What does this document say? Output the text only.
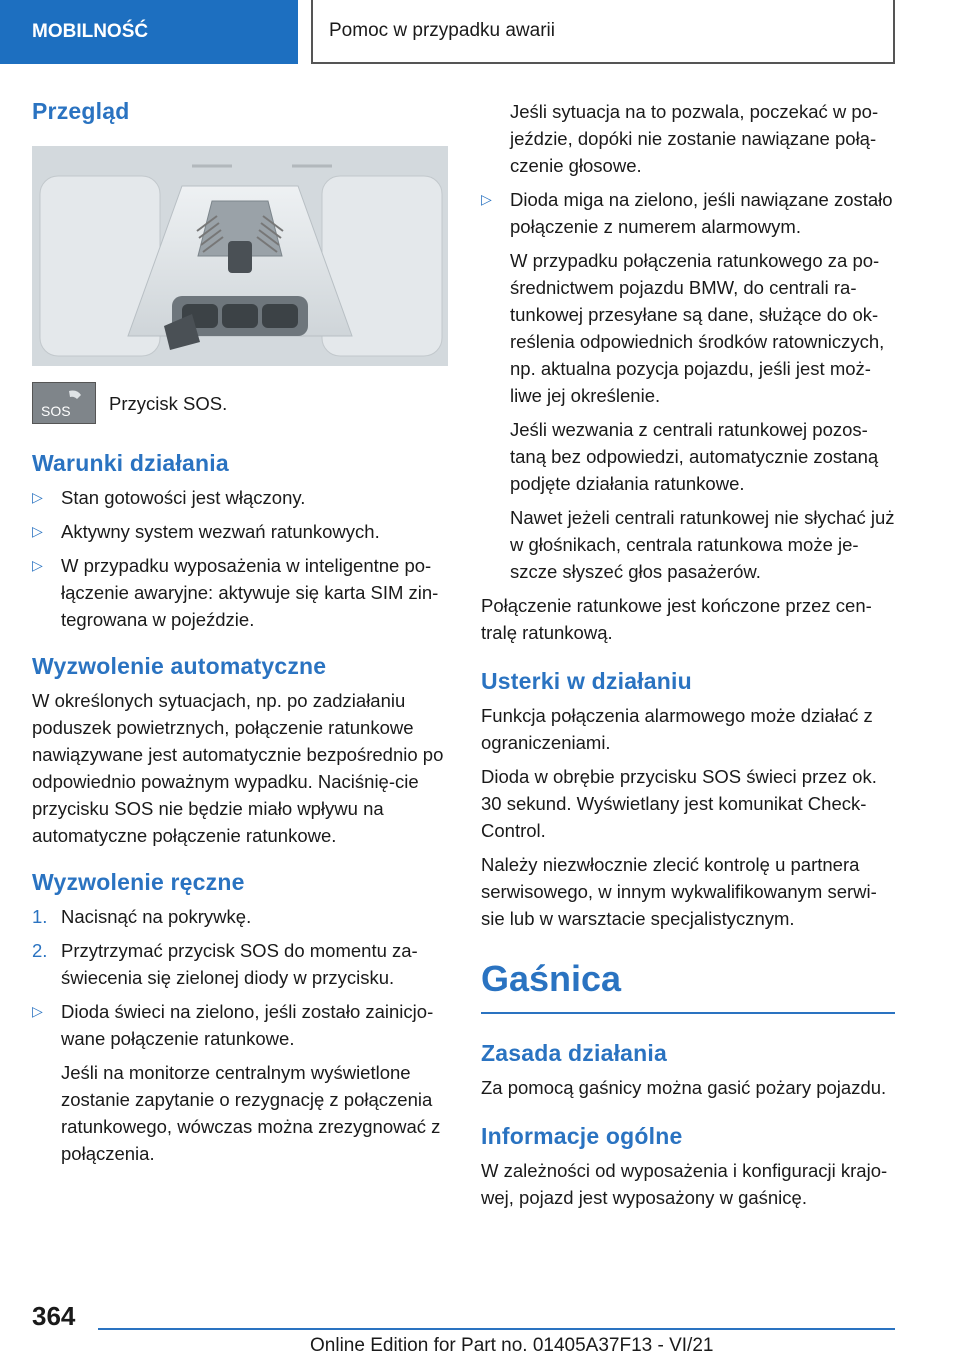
MOBILNOŚĆ	Pomoc w przypadku awarii
Przegląd
SOS Przycisk SOS.

Warunki działania
▷ Stan gotowości jest włączony.
▷ Aktywny system wezwań ratunkowych.
▷ W przypadku wyposażenia w inteligentne po-łączenie awaryjne: aktywuje się karta SIM zin-tegrowana w pojeździe.
Wyzwolenie automatyczne

W określonych sytuacjach, np. po zadziałaniu poduszek powietrznych, połączenie ratunkowe nawiązywane jest automatycznie bezpośrednio po odpowiednio poważnym wypadku. Naciśnię-cie przycisku SOS nie będzie miało wpływu na automatyczne połączenie ratunkowe.

Wyzwolenie ręczne
1. Nacisnąć na pokrywkę.
2. Przytrzymać przycisk SOS do momentu za-świecenia się zielonej diody w przycisku.
▷ Dioda świeci na zielono, jeśli zostało zainicjo-wane połączenie ratunkowe.

Jeśli na monitorze centralnym wyświetlone zostanie zapytanie o rezygnację z połączenia ratunkowego, wówczas można zrezygnować z połączenia.

Jeśli sytuacja na to pozwala, poczekać w po-jeździe, dopóki nie zostanie nawiązane połą-czenie głosowe.

▷ Dioda miga na zielono, jeśli nawiązane zostało połączenie z numerem alarmowym.

W przypadku połączenia ratunkowego za po-średnictwem pojazdu BMW, do centrali ra-tunkowej przesyłane są dane, służące do ok-reślenia odpowiednich środków ratowniczych, np. aktualna pozycja pojazdu, jeśli jest moż-liwe jej określenie.

Jeśli wezwania z centrali ratunkowej pozos-taną bez odpowiedzi, automatycznie zostaną podjęte działania ratunkowe.

Nawet jeżeli centrali ratunkowej nie słychać już w głośnikach, centrala ratunkowa może je-szcze słyszeć głos pasażerów.

Połączenie ratunkowe jest kończone przez cen-tralę ratunkową.

Usterki w działaniu

Funkcja połączenia alarmowego może działać z ograniczeniami.

Dioda w obrębie przycisku SOS świeci przez ok. 30 sekund. Wyświetlany jest komunikat Check-Control.

Należy niezwłocznie zlecić kontrolę u partnera serwisowego, w innym wykwalifikowanym serwi-sie lub w warsztacie specjalistycznym.

Gaśnica
Zasada działania

Za pomocą gaśnicy można gasić pożary pojazdu.

Informacje ogólne

W zależności od wyposażenia i konfiguracji krajo-wej, pojazd jest wyposażony w gaśnicę.

364
Online Edition for Part no. 01405A37F13 - VI/21
